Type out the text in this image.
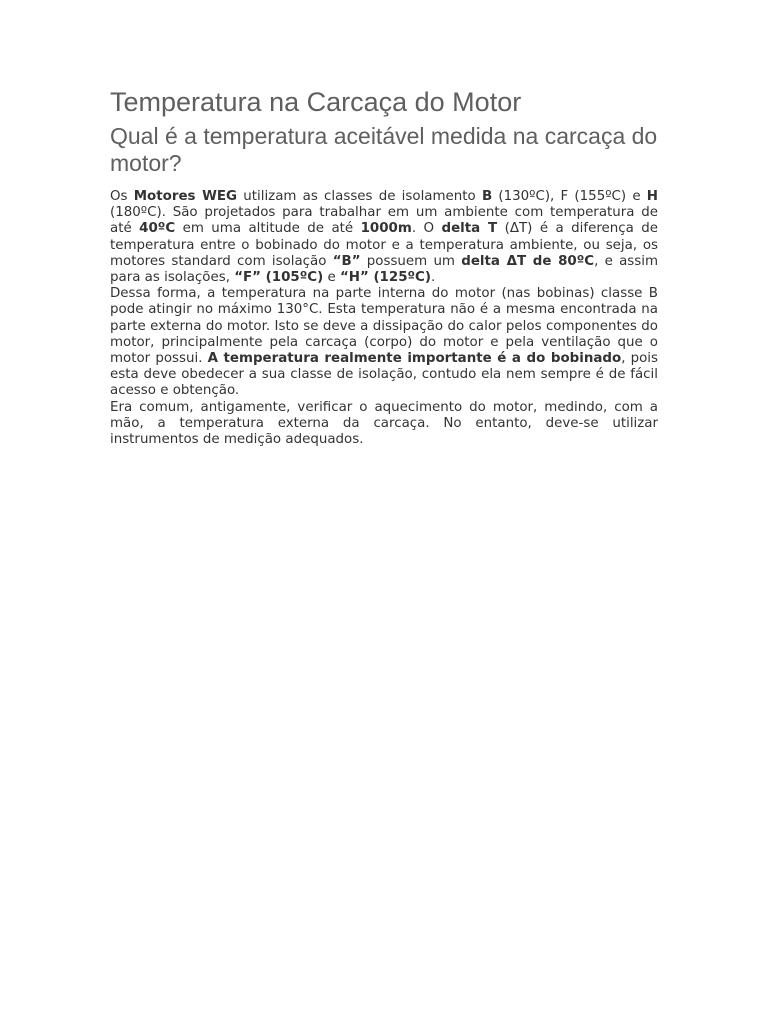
Temperatura na Carcaça do Motor
Qual é a temperatura aceitável medida na carcaça do motor?

Os Motores WEG utilizam as classes de isolamento B (130ºC), F (155ºC) e H (180ºC). São projetados para trabalhar em um ambiente com temperatura de até 40ºC em uma altitude de até 1000m. O delta T (ΔT) é a diferença de temperatura entre o bobinado do motor e a temperatura ambiente, ou seja, os motores standard com isolação “B” possuem um delta ΔT de 80ºC, e assim para as isolações, “F” (105ºC) e “H” (125ºC).

Dessa forma, a temperatura na parte interna do motor (nas bobinas) classe B pode atingir no máximo 130°C. Esta temperatura não é a mesma encontrada na parte externa do motor. Isto se deve a dissipação do calor pelos componentes do motor, principalmente pela carcaça (corpo) do motor e pela ventilação que o motor possui. A temperatura realmente importante é a do bobinado, pois esta deve obedecer a sua classe de isolação, contudo ela nem sempre é de fácil acesso e obtenção.

Era comum, antigamente, verificar o aquecimento do motor, medindo, com a mão, a temperatura externa da carcaça. No entanto, deve-se utilizar instrumentos de medição adequados.
